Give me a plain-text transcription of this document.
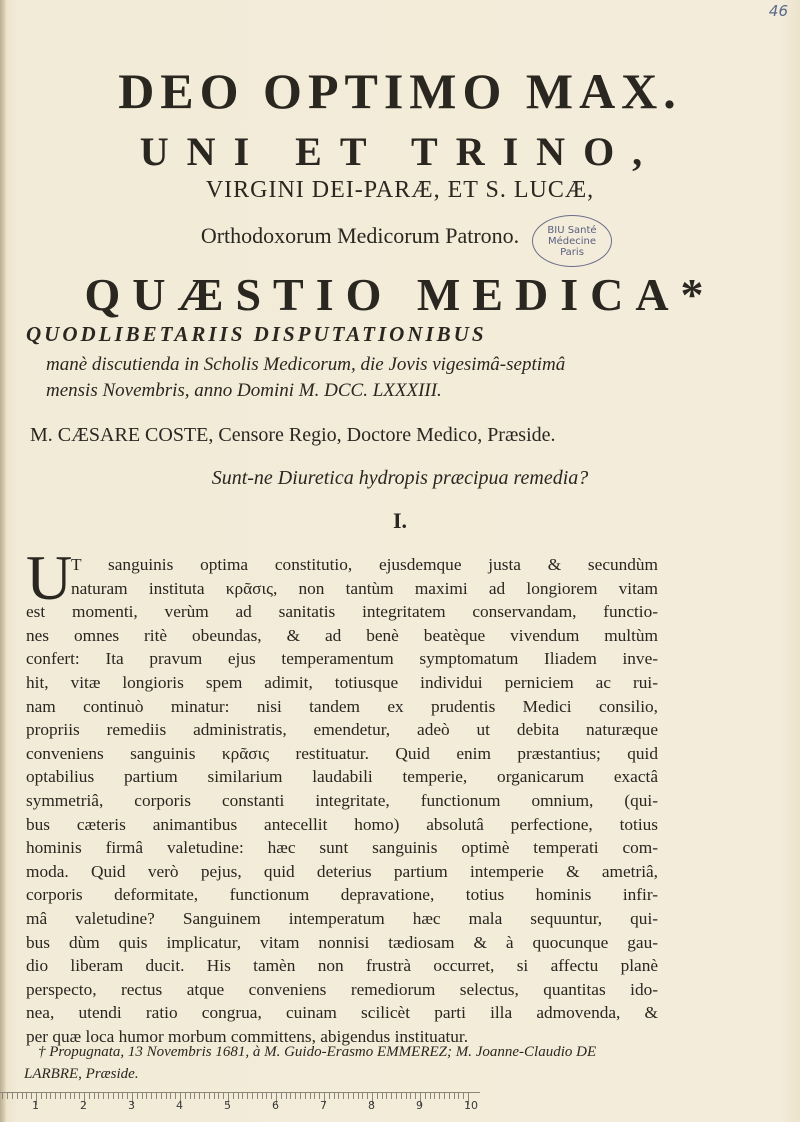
46
DEO OPTIMO MAX.
UNI ET TRINO,
VIRGINI DEI-PARÆ, ET S. LUCÆ,
Orthodoxorum Medicorum Patrono.	BIU Santé
Médecine
Paris
QUÆSTIO MEDICA*
QUODLIBETARIIS DISPUTATIONIBUS
manè discutienda in Scholis Medicorum, die Jovis vigesimâ-septimâ
mensis Novembris, anno Domini M. DCC. LXXXIII.
M. CÆSARE COSTE, Censore Regio, Doctore Medico, Præside.
Sunt-ne Diuretica hydropis præcipua remedia?
I.
U
T sanguinis optima constitutio, ejusdemque justa & secundùm
naturam instituta κρᾶσις, non tantùm maximi ad longiorem vitam
est momenti, verùm ad sanitatis integritatem conservandam, functio-
nes omnes ritè obeundas, & ad benè beatèque vivendum multùm
confert: Ita pravum ejus temperamentum symptomatum Iliadem inve-
hit, vitæ longioris spem adimit, totiusque individui perniciem ac rui-
nam continuò minatur: nisi tandem ex prudentis Medici consilio,
propriis remediis administratis, emendetur, adeò ut debita naturæque
conveniens sanguinis κρᾶσις restituatur. Quid enim præstantius; quid
optabilius partium similarium laudabili temperie, organicarum exactâ
symmetriâ, corporis constanti integritate, functionum omnium, (qui-
bus cæteris animantibus antecellit homo) absolutâ perfectione, totius
hominis firmâ valetudine: hæc sunt sanguinis optimè temperati com-
moda. Quid verò pejus, quid deterius partium intemperie & ametriâ,
corporis deformitate, functionum depravatione, totius hominis infir-
mâ valetudine? Sanguinem intemperatum hæc mala sequuntur, qui-
bus dùm quis implicatur, vitam nonnisi tædiosam & à quocunque gau-
dio liberam ducit. His tamèn non frustrà occurret, si affectu planè
perspecto, rectus atque conveniens remediorum selectus, quantitas ido-
nea, utendi ratio congrua, cuinam scilicèt parti illa admovenda, &
per quæ loca humor morbum committens, abigendus instituatur.
† Propugnata, 13 Novembris 1681, à M. Guido-Erasmo EMMEREZ; M. Joanne-Claudio DE
LARBRE, Præside.
1	2	3	4	5	6	7	8	9	10
